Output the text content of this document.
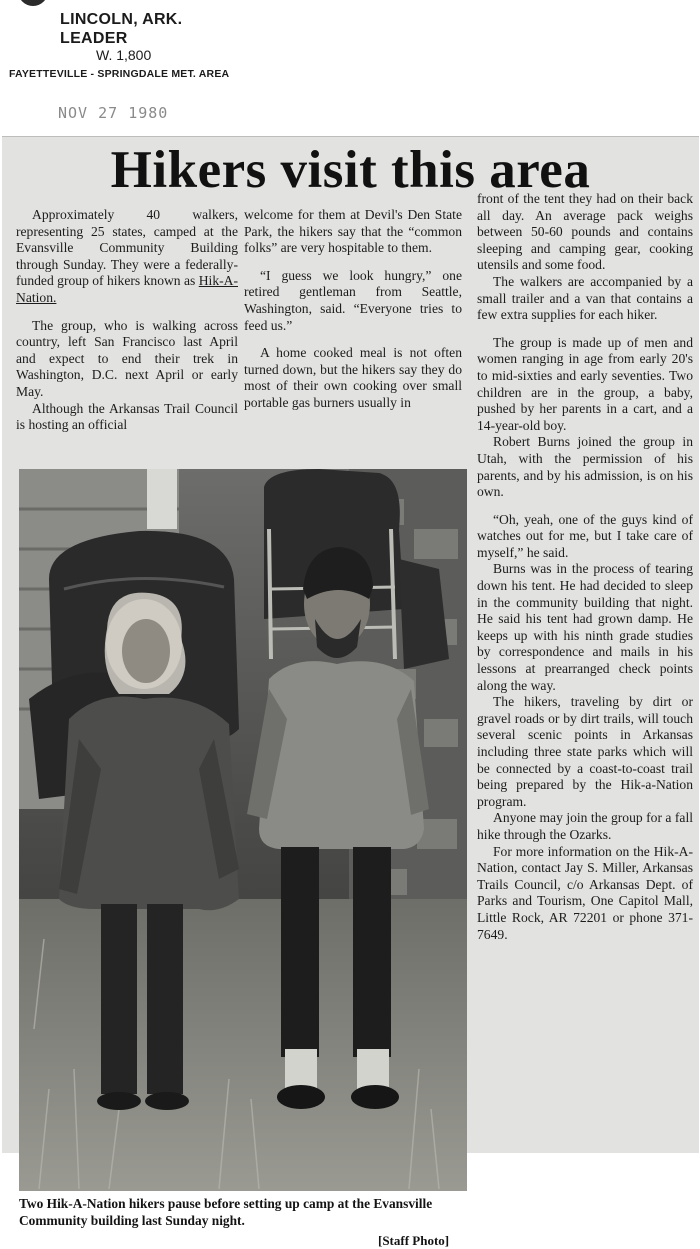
LINCOLN, ARK.
LEADER
W. 1,800
FAYETTEVILLE - SPRINGDALE MET. AREA
NOV 27 1980
Hikers visit this area

Approximately 40 walkers, representing 25 states, camped at the Evansville Community Building through Sunday. They were a federally-funded group of hikers known as Hik-A-Nation.

The group, who is walking across country, left San Francisco last April and expect to end their trek in Washington, D.C. next April or early May.

Although the Arkansas Trail Council is hosting an official

welcome for them at Devil's Den State Park, the hikers say that the “common folks” are very hospitable to them.

“I guess we look hungry,” one retired gentleman from Seattle, Washington, said. “Everyone tries to feed us.”

A home cooked meal is not often turned down, but the hikers say they do most of their own cooking over small portable gas burners usually in

front of the tent they had on their back all day. An average pack weighs between 50-60 pounds and contains sleeping and camping gear, cooking utensils and some food.

The walkers are accompanied by a small trailer and a van that contains a few extra supplies for each hiker.

The group is made up of men and women ranging in age from early 20's to mid-sixties and early seventies. Two children are in the group, a baby, pushed by her parents in a cart, and a 14-year-old boy.

Robert Burns joined the group in Utah, with the permission of his parents, and by his admission, is on his own.

“Oh, yeah, one of the guys kind of watches out for me, but I take care of myself,” he said.

Burns was in the process of tearing down his tent. He had decided to sleep in the community building that night. He said his tent had grown damp. He keeps up with his ninth grade studies by correspondence and mails in his lessons at prearranged check points along the way.

The hikers, traveling by dirt or gravel roads or by dirt trails, will touch several scenic points in Arkansas including three state parks which will be connected by a coast-to-coast trail being prepared by the Hik-a-Nation program.

Anyone may join the group for a fall hike through the Ozarks.

For more information on the Hik-A-Nation, contact Jay S. Miller, Arkansas Trails Council, c/o Arkansas Dept. of Parks and Tourism, One Capitol Mall, Little Rock, AR 72201 or phone 371-7649.

Two Hik-A-Nation hikers pause before setting up camp at the Evansville Community building last Sunday night.
[Staff Photo]
